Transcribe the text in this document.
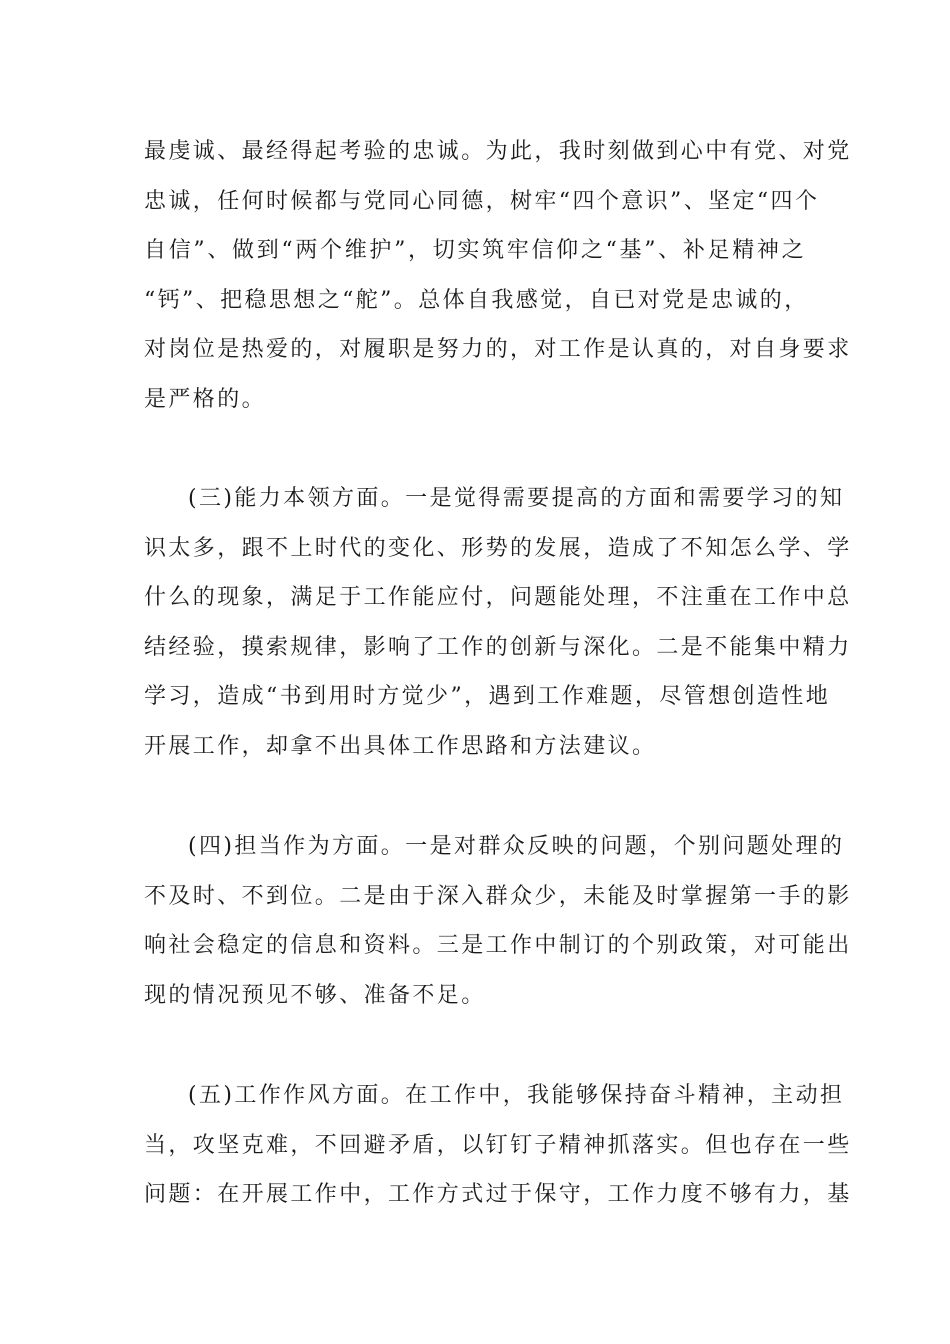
最虔诚、最经得起考验的忠诚。为此，我时刻做到心中有党、对党
忠诚，任何时候都与党同心同德，树牢“四个意识”、坚定“四个
自信”、做到“两个维护”，切实筑牢信仰之“基”、补足精神之
“钙”、把稳思想之“舵”。总体自我感觉，自已对党是忠诚的，
对岗位是热爱的，对履职是努力的，对工作是认真的，对自身要求
是严格的。
(三)能力本领方面。一是觉得需要提高的方面和需要学习的知
识太多，跟不上时代的变化、形势的发展，造成了不知怎么学、学
什么的现象，满足于工作能应付，问题能处理，不注重在工作中总
结经验，摸索规律，影响了工作的创新与深化。二是不能集中精力
学习，造成“书到用时方觉少”，遇到工作难题，尽管想创造性地
开展工作，却拿不出具体工作思路和方法建议。
(四)担当作为方面。一是对群众反映的问题，个别问题处理的
不及时、不到位。二是由于深入群众少，未能及时掌握第一手的影
响社会稳定的信息和资料。三是工作中制订的个别政策，对可能出
现的情况预见不够、准备不足。
(五)工作作风方面。在工作中，我能够保持奋斗精神，主动担
当，攻坚克难，不回避矛盾，以钉钉子精神抓落实。但也存在一些
问题：在开展工作中，工作方式过于保守，工作力度不够有力，基
